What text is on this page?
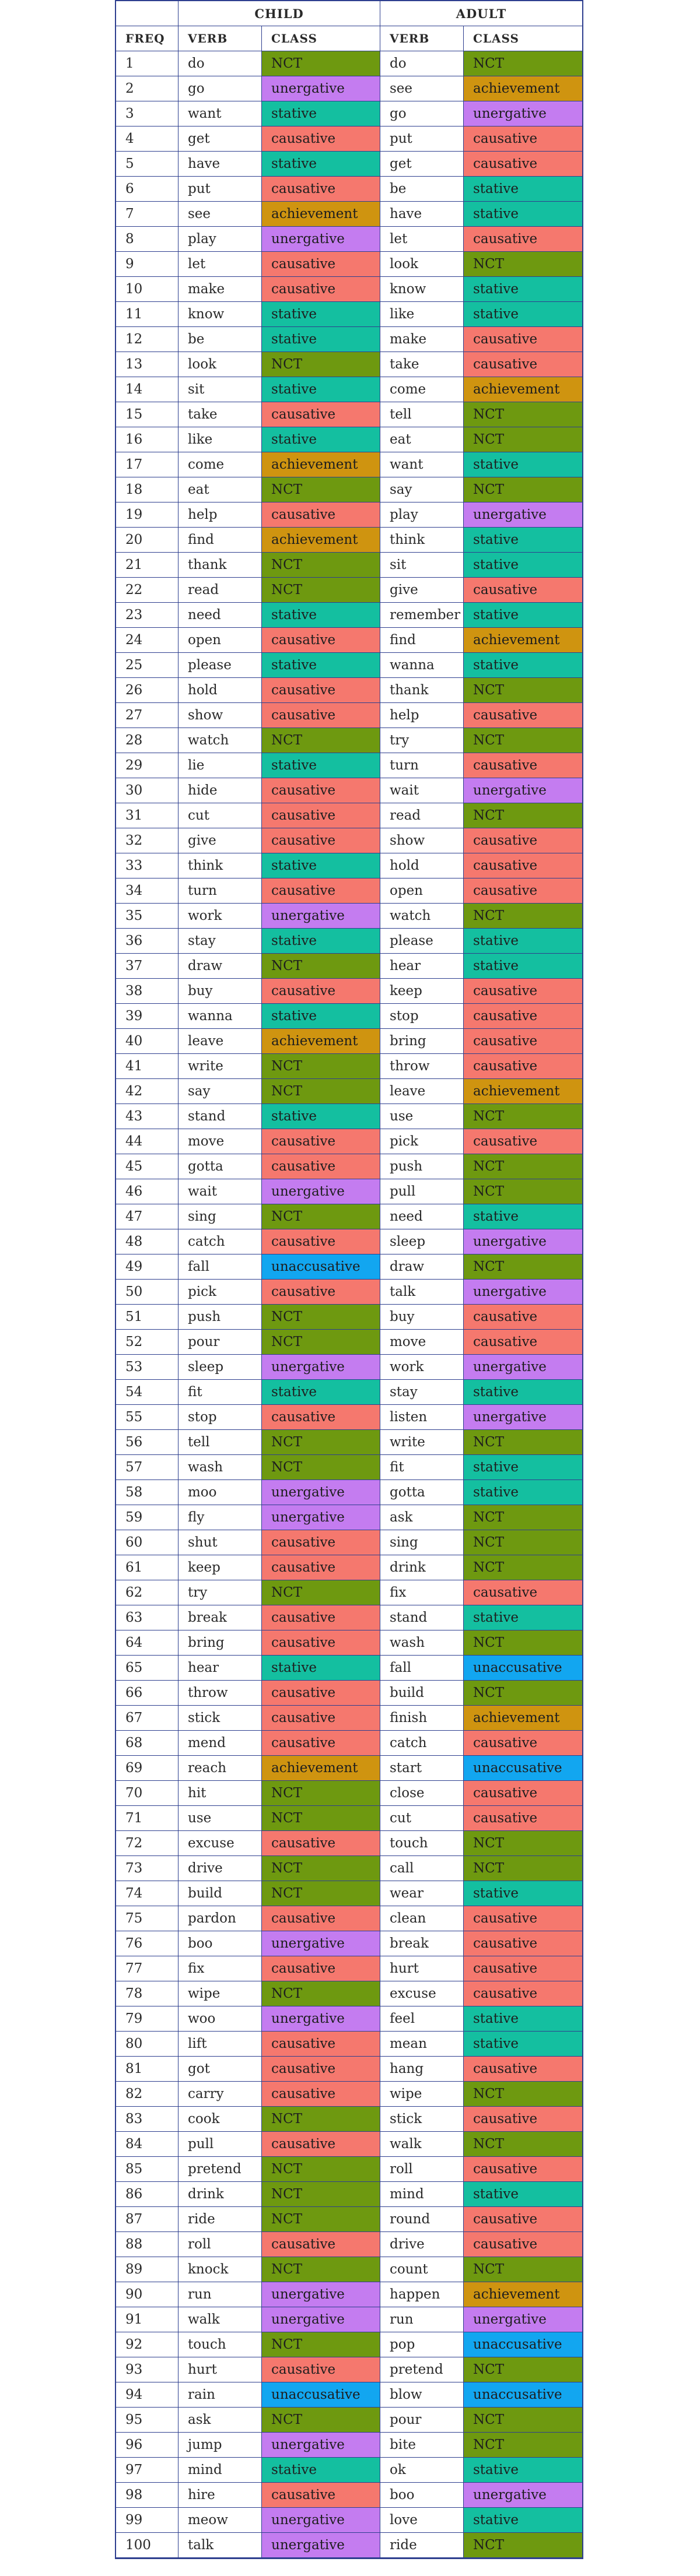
CHILD	ADULT
FREQ	VERB	CLASS	VERB	CLASS
1	do	NCT	do	NCT
2	go	unergative	see	achievement
3	want	stative	go	unergative
4	get	causative	put	causative
5	have	stative	get	causative
6	put	causative	be	stative
7	see	achievement	have	stative
8	play	unergative	let	causative
9	let	causative	look	NCT
10	make	causative	know	stative
11	know	stative	like	stative
12	be	stative	make	causative
13	look	NCT	take	causative
14	sit	stative	come	achievement
15	take	causative	tell	NCT
16	like	stative	eat	NCT
17	come	achievement	want	stative
18	eat	NCT	say	NCT
19	help	causative	play	unergative
20	find	achievement	think	stative
21	thank	NCT	sit	stative
22	read	NCT	give	causative
23	need	stative	remember stative
24	open	causative	find	achievement
25	please	stative	wanna	stative
26	hold	causative	thank	NCT
27	show	causative	help	causative
28	watch	NCT	try	NCT
29	lie	stative	turn	causative
30	hide	causative	wait	unergative
31	cut	causative	read	NCT
32	give	causative	show	causative
33	think	stative	hold	causative
34	turn	causative	open	causative
35	work	unergative	watch	NCT
36	stay	stative	please	stative
37	draw	NCT	hear	stative
38	buy	causative	keep	causative
39	wanna	stative	stop	causative
40	leave	achievement	bring	causative
41	write	NCT	throw	causative
42	say	NCT	leave	achievement
43	stand	stative	use	NCT
44	move	causative	pick	causative
45	gotta	causative	push	NCT
46	wait	unergative	pull	NCT
47	sing	NCT	need	stative
48	catch	causative	sleep	unergative
49	fall	unaccusative	draw	NCT
50	pick	causative	talk	unergative
51	push	NCT	buy	causative
52	pour	NCT	move	causative
53	sleep	unergative	work	unergative
54	fit	stative	stay	stative
55	stop	causative	listen	unergative
56	tell	NCT	write	NCT
57	wash	NCT	fit	stative
58	moo	unergative	gotta	stative
59	fly	unergative	ask	NCT
60	shut	causative	sing	NCT
61	keep	causative	drink	NCT
62	try	NCT	fix	causative
63	break	causative	stand	stative
64	bring	causative	wash	NCT
65	hear	stative	fall	unaccusative
66	throw	causative	build	NCT
67	stick	causative	finish	achievement
68	mend	causative	catch	causative
69	reach	achievement	start	unaccusative
70	hit	NCT	close	causative
71	use	NCT	cut	causative
72	excuse	causative	touch	NCT
73	drive	NCT	call	NCT
74	build	NCT	wear	stative
75	pardon	causative	clean	causative
76	boo	unergative	break	causative
77	fix	causative	hurt	causative
78	wipe	NCT	excuse	causative
79	woo	unergative	feel	stative
80	lift	causative	mean	stative
81	got	causative	hang	causative
82	carry	causative	wipe	NCT
83	cook	NCT	stick	causative
84	pull	causative	walk	NCT
85	pretend	NCT	roll	causative
86	drink	NCT	mind	stative
87	ride	NCT	round	causative
88	roll	causative	drive	causative
89	knock	NCT	count	NCT
90	run	unergative	happen	achievement
91	walk	unergative	run	unergative
92	touch	NCT	pop	unaccusative
93	hurt	causative	pretend	NCT
94	rain	unaccusative	blow	unaccusative
95	ask	NCT	pour	NCT
96	jump	unergative	bite	NCT
97	mind	stative	ok	stative
98	hire	causative	boo	unergative
99	meow	unergative	love	stative
100	talk	unergative	ride	NCT
